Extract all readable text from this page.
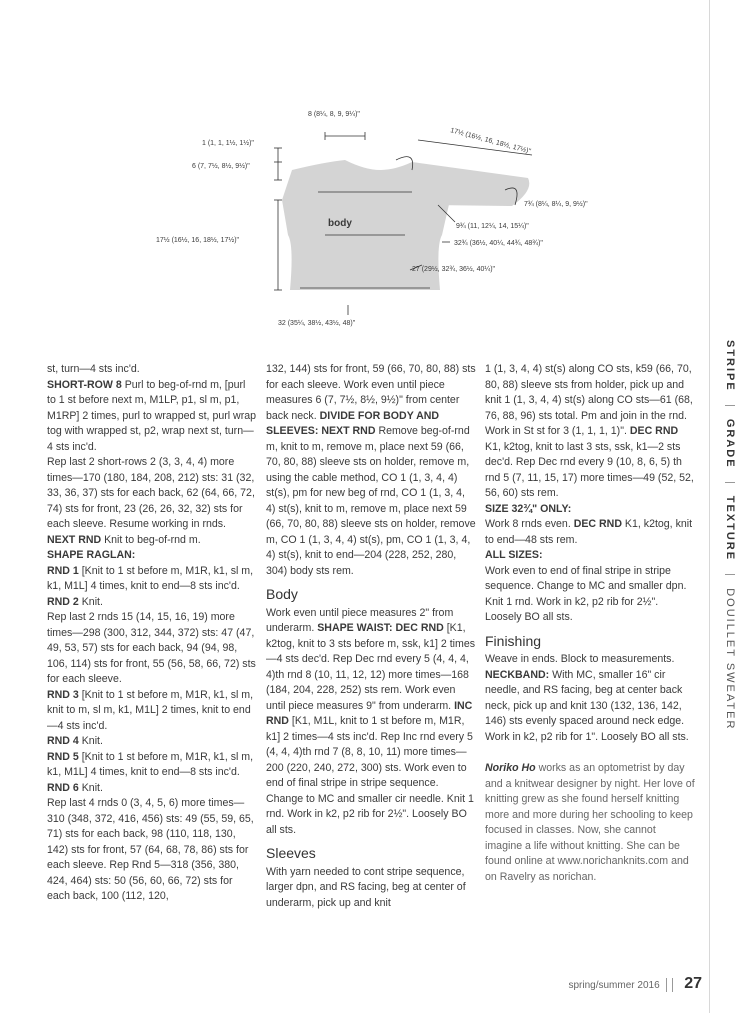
STRIPE  GRADE  TEXTURE  DOUILLET SWEATER
8 (8¼, 8, 9, 9¼)"
1 (1, 1, 1½, 1½)"
6 (7, 7½, 8½, 9½)"
17½ (16½, 16, 18½, 17½)"
17½ (16½, 16, 18½, 17½)"
7¾ (8¼, 8¼, 9, 9½)"
9¾ (11, 12¼, 14, 15¼)"
32¾ (36½, 40¼, 44¾, 48¾)"
27 (29½, 32¾, 36½, 40¼)"
32 (35¼, 38½, 43½, 48)"
body

st, turn—4 sts inc'd.

SHORT-ROW 8 Purl to beg-of-rnd m, [purl to 1 st before next m, M1LP, p1, sl m, p1, M1RP] 2 times, purl to wrapped st, purl wrap tog with wrapped st, p2, wrap next st, turn—4 sts inc'd.

Rep last 2 short-rows 2 (3, 3, 4, 4) more times—170 (180, 184, 208, 212) sts: 31 (32, 33, 36, 37) sts for each back, 62 (64, 66, 72, 74) sts for front, 23 (26, 26, 32, 32) sts for each sleeve. Resume working in rnds. NEXT RND Knit to beg-of-rnd m.

SHAPE RAGLAN:

RND 1 [Knit to 1 st before m, M1R, k1, sl m, k1, M1L] 4 times, knit to end—8 sts inc'd.

RND 2 Knit.

Rep last 2 rnds 15 (14, 15, 16, 19) more times—298 (300, 312, 344, 372) sts: 47 (47, 49, 53, 57) sts for each back, 94 (94, 98, 106, 114) sts for front, 55 (56, 58, 66, 72) sts for each sleeve.

RND 3 [Knit to 1 st before m, M1R, k1, sl m, knit to m, sl m, k1, M1L] 2 times, knit to end—4 sts inc'd.

RND 4 Knit.

RND 5 [Knit to 1 st before m, M1R, k1, sl m, k1, M1L] 4 times, knit to end—8 sts inc'd.

RND 6 Knit.

Rep last 4 rnds 0 (3, 4, 5, 6) more times—310 (348, 372, 416, 456) sts: 49 (55, 59, 65, 71) sts for each back, 98 (110, 118, 130, 142) sts for front, 57 (64, 68, 78, 86) sts for each sleeve. Rep Rnd 5—318 (356, 380, 424, 464) sts: 50 (56, 60, 66, 72) sts for each back, 100 (112, 120,

132, 144) sts for front, 59 (66, 70, 80, 88) sts for each sleeve. Work even until piece measures 6 (7, 7½, 8½, 9½)" from center back neck. DIVIDE FOR BODY AND SLEEVES: NEXT RND Remove beg-of-rnd m, knit to m, remove m, place next 59 (66, 70, 80, 88) sleeve sts on holder, remove m, using the cable method, CO 1 (1, 3, 4, 4) st(s), pm for new beg of rnd, CO 1 (1, 3, 4, 4) st(s), knit to m, remove m, place next 59 (66, 70, 80, 88) sleeve sts on holder, remove m, CO 1 (1, 3, 4, 4) st(s), pm, CO 1 (1, 3, 4, 4) st(s), knit to end—204 (228, 252, 280, 304) body sts rem.

Body

Work even until piece measures 2" from underarm. SHAPE WAIST: DEC RND [K1, k2tog, knit to 3 sts before m, ssk, k1] 2 times—4 sts dec'd. Rep Dec rnd every 5 (4, 4, 4, 4)th rnd 8 (10, 11, 12, 12) more times—168 (184, 204, 228, 252) sts rem. Work even until piece measures 9" from underarm. INC RND [K1, M1L, knit to 1 st before m, M1R, k1] 2 times—4 sts inc'd. Rep Inc rnd every 5 (4, 4, 4)th rnd 7 (8, 8, 10, 11) more times—200 (220, 240, 272, 300) sts. Work even to end of final stripe in stripe sequence. Change to MC and smaller cir needle. Knit 1 rnd. Work in k2, p2 rib for 2½". Loosely BO all sts.

Sleeves

With yarn needed to cont stripe sequence, larger dpn, and RS facing, beg at center of underarm, pick up and knit

1 (1, 3, 4, 4) st(s) along CO sts, k59 (66, 70, 80, 88) sleeve sts from holder, pick up and knit 1 (1, 3, 4, 4) st(s) along CO sts—61 (68, 76, 88, 96) sts total. Pm and join in the rnd. Work in St st for 3 (1, 1, 1, 1)". DEC RND K1, k2tog, knit to last 3 sts, ssk, k1—2 sts dec'd. Rep Dec rnd every 9 (10, 8, 6, 5) th rnd 5 (7, 11, 15, 17) more times—49 (52, 52, 56, 60) sts rem.

SIZE 32¾" ONLY:

Work 8 rnds even. DEC RND K1, k2tog, knit to end—48 sts rem.

ALL SIZES:

Work even to end of final stripe in stripe sequence. Change to MC and smaller dpn. Knit 1 rnd. Work in k2, p2 rib for 2½". Loosely BO all sts.

Finishing

Weave in ends. Block to measurements.

NECKBAND: With MC, smaller 16" cir needle, and RS facing, beg at center back neck, pick up and knit 130 (132, 136, 142, 146) sts evenly spaced around neck edge. Work in k2, p2 rib for 1". Loosely BO all sts.

Noriko Ho works as an optometrist by day and a knitwear designer by night. Her love of knitting grew as she found herself knitting more and more during her schooling to keep focused in classes. Now, she cannot imagine a life without knitting. She can be found online at www.norichanknits.com and on Ravelry as norichan.

spring/summer 2016 27
